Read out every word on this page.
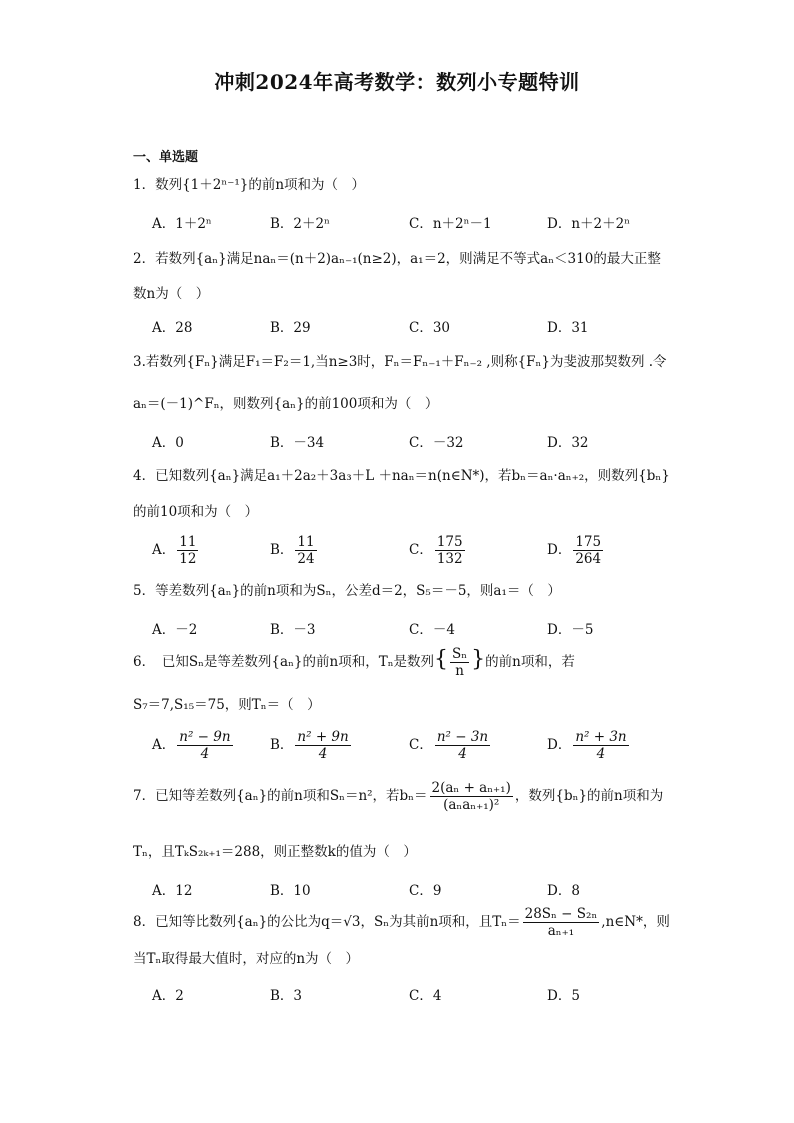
冲刺2024年高考数学：数列小专题特训
一、单选题
1．数列{1＋2ⁿ⁻¹}的前n项和为（　）
A．1＋2ⁿ	B．2＋2ⁿ	C．n＋2ⁿ－1	D．n＋2＋2ⁿ
2．若数列{aₙ}满足naₙ＝(n＋2)aₙ₋₁(n≥2)，a₁＝2，则满足不等式aₙ＜310的最大正整
数n为（　）
A．28	B．29	C．30	D．31
3.若数列{Fₙ}满足F₁＝F₂＝1,当n≥3时，Fₙ＝Fₙ₋₁＋Fₙ₋₂ ,则称{Fₙ}为斐波那契数列 .令
aₙ＝(－1)^Fₙ，则数列{aₙ}的前100项和为（　）
A．0	B．－34	C．－32	D．32
4．已知数列{aₙ}满足a₁＋2a₂＋3a₃＋L ＋naₙ＝n(n∈N*)，若bₙ＝aₙ·aₙ₊₂，则数列{bₙ}
的前10项和为（　）
A． $\frac{11}{12}$	B． $\frac{11}{24}$	C． $\frac{175}{132}$	D． $\frac{175}{264}$
5．等差数列{aₙ}的前n项和为Sₙ，公差d＝2，S₅＝－5，则a₁＝（　）
A．－2	B．－3	C．－4	D．－5
6．　已知Sₙ是等差数列{aₙ}的前n项和，Tₙ是数列{ $\frac{\text{Sₙ}}{n}$ }的前n项和，若
S₇＝7,S₁₅＝75，则Tₙ＝（　）
A． $\frac{\text{n² − 9n}}{4}$	B． $\frac{\text{n² + 9n}}{4}$	C． $\frac{\text{n² − 3n}}{4}$	D． $\frac{\text{n² + 3n}}{4}$
7．已知等差数列{aₙ}的前n项和Sₙ＝n²，若$b_n= \frac{\text{2(aₙ + aₙ₊₁)}}{\text{(aₙaₙ₊₁)²}}$ ，数列{bₙ}的前n项和为
Tₙ，且TₖS₂ₖ₊₁＝288，则正整数k的值为（　）
A．12	B．10	C．9	D．8
8．已知等比数列{aₙ}的公比为q＝√3，Sₙ为其前n项和，且$T_n= \frac{\text{28Sₙ − S₂ₙ}}{\text{aₙ₊₁}}$ ,n∈N*，则
当Tₙ取得最大值时，对应的n为（　）
A．2	B．3	C．4	D．5
